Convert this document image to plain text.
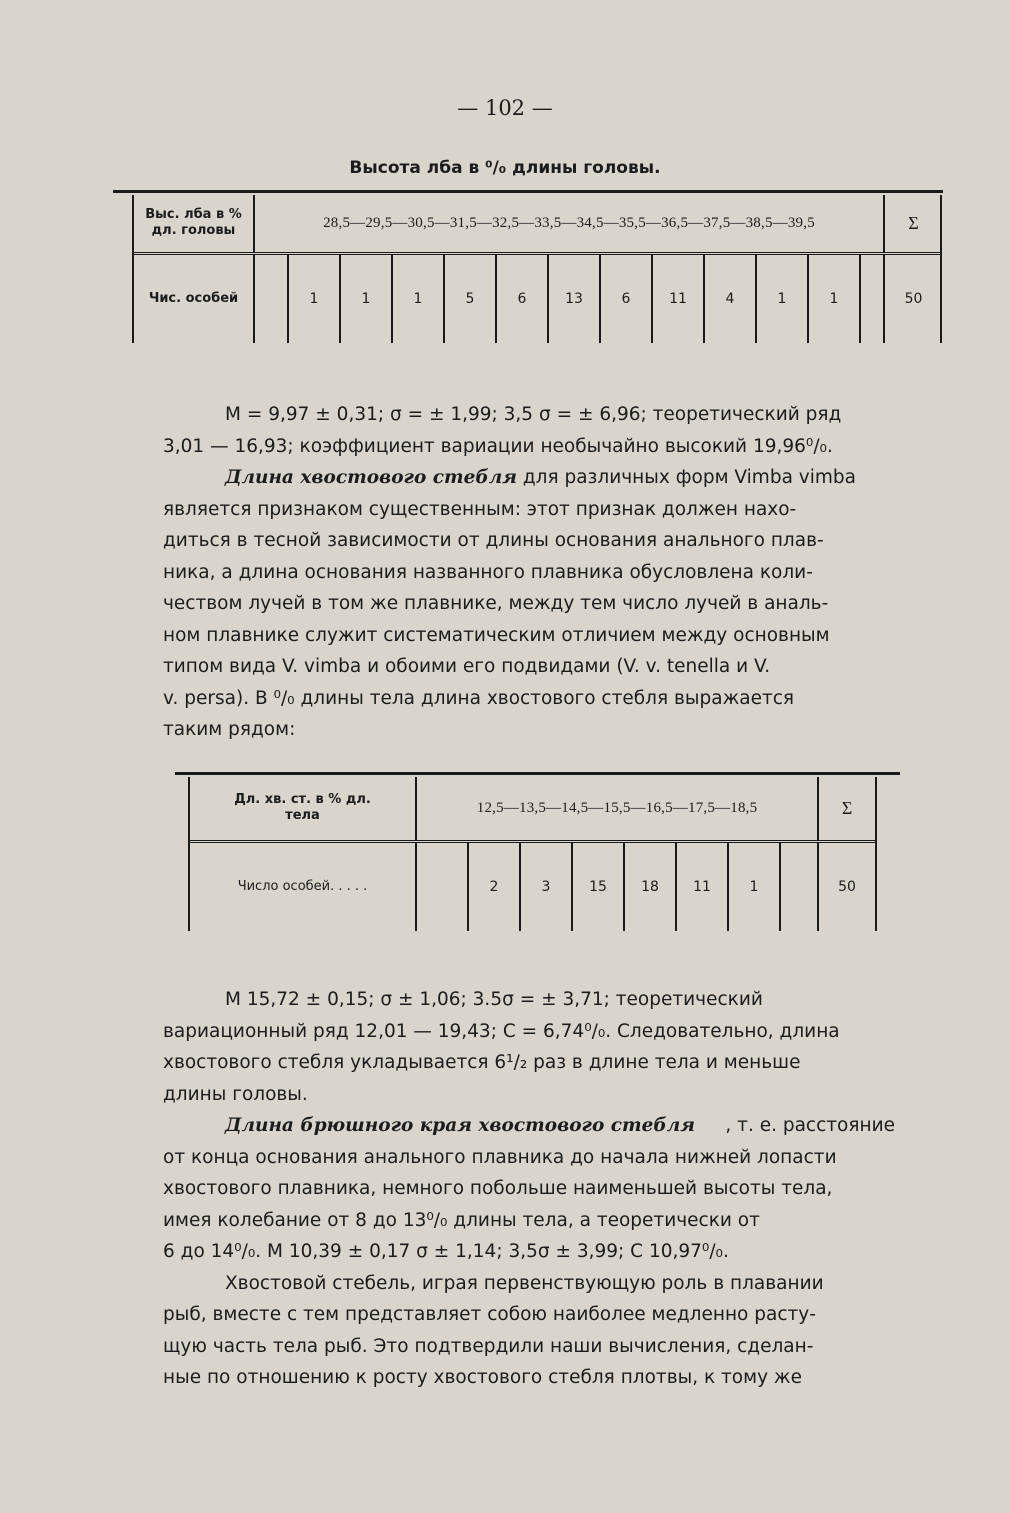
— 102 —
Высота лба в ⁰/₀ длины головы.
Выс. лба в % дл. головы	28,5—29,5—30,5—31,5—32,5—33,5—34,5—35,5—36,5—37,5—38,5—39,5													Σ
Чис. особей		1	1	1	5	6	13	6	11	4	1	1		50
М = 9,97 ± 0,31; σ = ± 1,99; 3,5 σ = ± 6,96; теоретический ряд
3,01 — 16,93; коэффициент вариации необычайно высокий 19,96⁰/₀.
Длина хвостового стебля для различных форм Vimba vimba
является признаком существенным: этот признак должен нахо-
диться в тесной зависимости от длины основания анального плав-
ника, а длина основания названного плавника обусловлена коли-
чеством лучей в том же плавнике, между тем число лучей в аналь-
ном плавнике служит систематическим отличием между основным
типом вида V. vimba и обоими его подвидами (V. v. tenella и V.
v. persa). В ⁰/₀ длины тела длина хвостового стебля выражается
таким рядом:
Дл. хв. ст. в % дл. тела	12,5—13,5—14,5—15,5—16,5—17,5—18,5								Σ
Число особей. . . . .		2	3	15	18	11	1		50
М 15,72 ± 0,15; σ ± 1,06; 3.5σ = ± 3,71; теоретический
вариационный ряд 12,01 — 19,43; С = 6,74⁰/₀. Следовательно, длина
хвостового стебля укладывается 6¹/₂ раз в длине тела и меньше
длины головы.
Длина брюшного края хвостового стебля , т. е. расстояние
от конца основания анального плавника до начала нижней лопасти
хвостового плавника, немного побольше наименьшей высоты тела,
имея колебание от 8 до 13⁰/₀ длины тела, а теоретически от
6 до 14⁰/₀. М 10,39 ± 0,17 σ ± 1,14; 3,5σ ± 3,99; С 10,97⁰/₀.
Хвостовой стебель, играя первенствующую роль в плавании
рыб, вместе с тем представляет собою наиболее медленно расту-
щую часть тела рыб. Это подтвердили наши вычисления, сделан-
ные по отношению к росту хвостового стебля плотвы, к тому же
